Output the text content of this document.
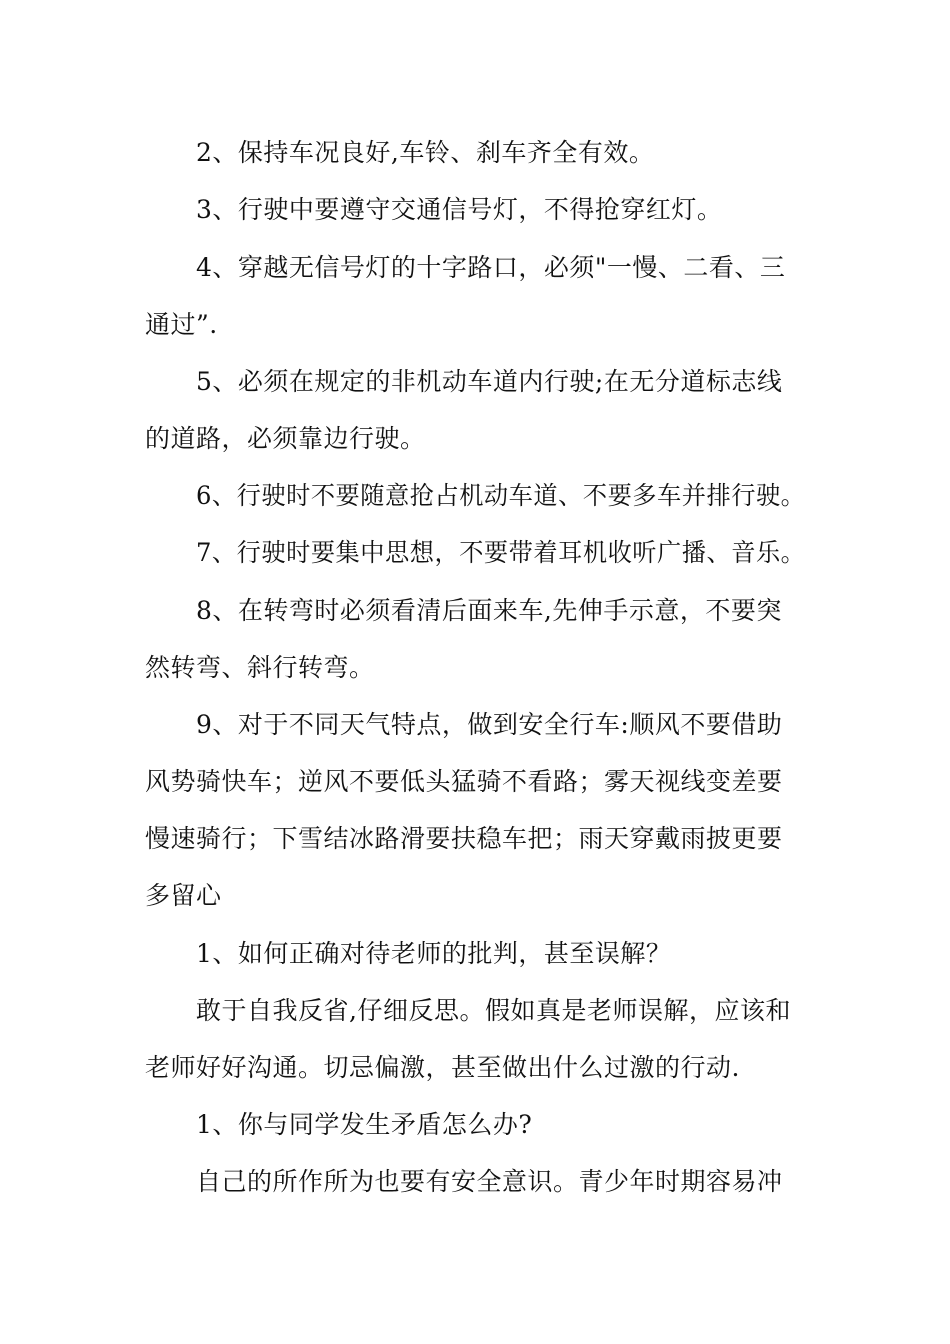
2、保持车况良好,车铃、刹车齐全有效。
3、行驶中要遵守交通信号灯，不得抢穿红灯。
4、穿越无信号灯的十字路口，必须"一慢、二看、三
通过”.
5、必须在规定的非机动车道内行驶;在无分道标志线
的道路，必须靠边行驶。
6、行驶时不要随意抢占机动车道、不要多车并排行驶。
7、行驶时要集中思想，不要带着耳机收听广播、音乐。
8、在转弯时必须看清后面来车,先伸手示意，不要突
然转弯、斜行转弯。
9、对于不同天气特点，做到安全行车:顺风不要借助
风势骑快车；逆风不要低头猛骑不看路；雾天视线变差要
慢速骑行；下雪结冰路滑要扶稳车把；雨天穿戴雨披更要
多留心
1、如何正确对待老师的批判，甚至误解？
敢于自我反省,仔细反思。假如真是老师误解，应该和
老师好好沟通。切忌偏激，甚至做出什么过激的行动.
1、你与同学发生矛盾怎么办?
自己的所作所为也要有安全意识。青少年时期容易冲
